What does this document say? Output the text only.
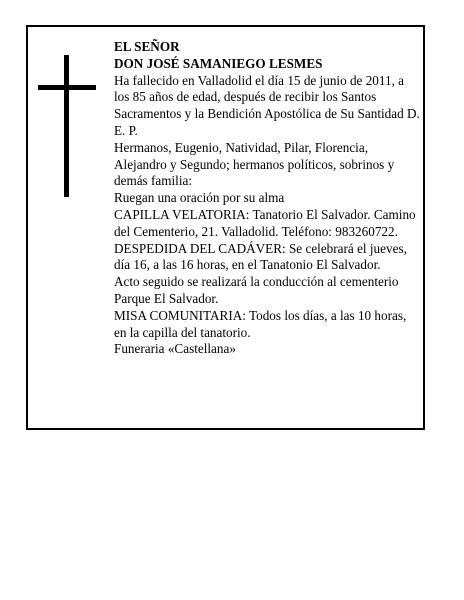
EL SEÑOR

DON JOSÉ SAMANIEGO LESMES

Ha fallecido en Valladolid el día 15 de junio de 2011, a los 85 años de edad, después de recibir los Santos Sacramentos y la Bendición Apostólica de Su Santidad D. E. P.

Hermanos, Eugenio, Natividad, Pilar, Florencia, Alejandro y Segundo; hermanos políticos, sobrinos y demás familia:

Ruegan una oración por su alma

CAPILLA VELATORIA: Tanatorio El Salvador. Camino del Cementerio, 21. Valladolid. Teléfono: 983260722.

DESPEDIDA DEL CADÁVER: Se celebrará el jueves, día 16, a las 16 horas, en el Tanatonio El Salvador.

Acto seguido se realizará la conducción al cementerio Parque El Salvador.

MISA COMUNITARIA: Todos los días, a las 10 horas, en la capilla del tanatorio.

Funeraria «Castellana»
